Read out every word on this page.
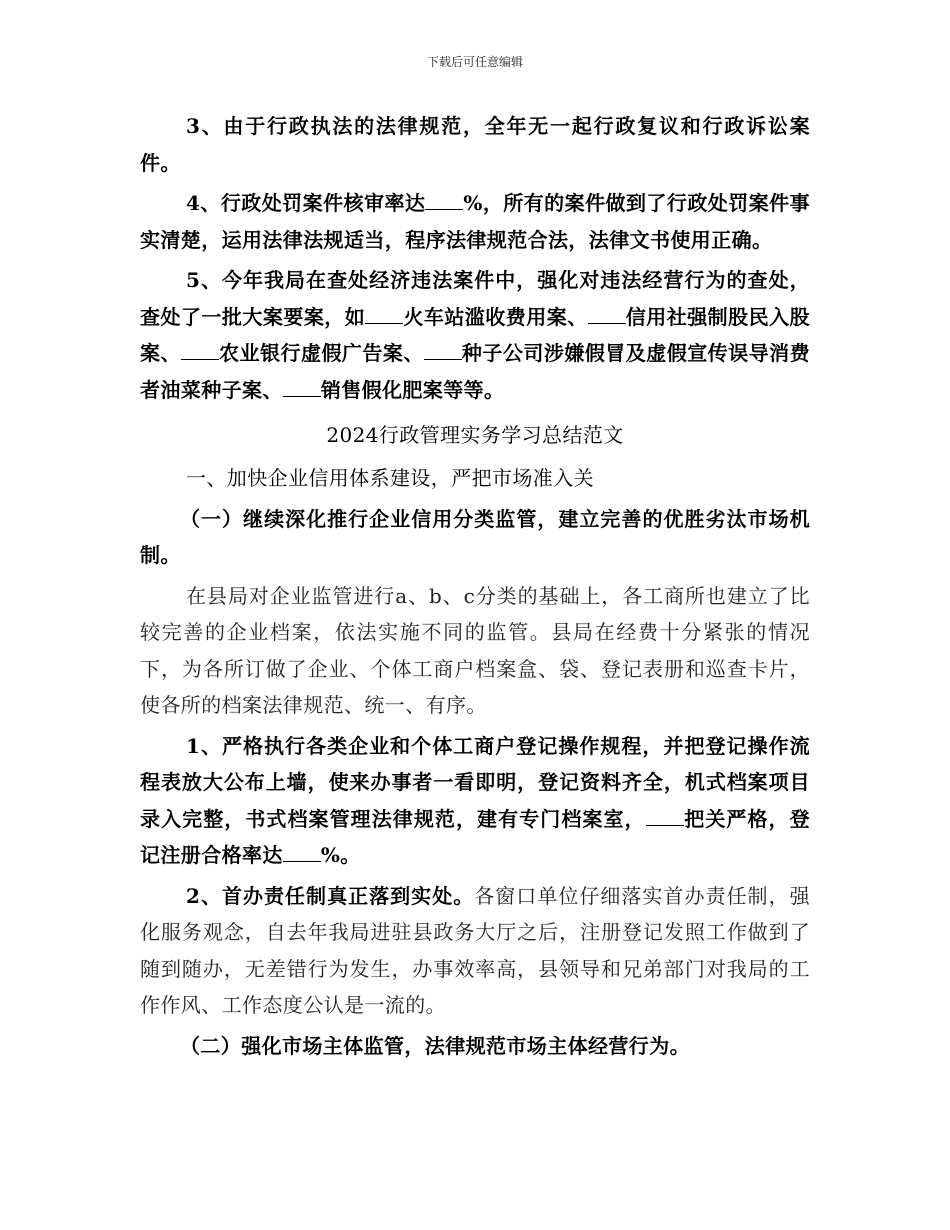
下载后可任意编辑

3、由于行政执法的法律规范，全年无一起行政复议和行政诉讼案件。

4、行政处罚案件核审率达 %，所有的案件做到了行政处罚案件事实清楚，运用法律法规适当，程序法律规范合法，法律文书使用正确。

5、今年我局在查处经济违法案件中，强化对违法经营行为的查处，查处了一批大案要案，如 火车站滥收费用案、 信用社强制股民入股案、 农业银行虚假广告案、 种子公司涉嫌假冒及虚假宣传误导消费者油菜种子案、 销售假化肥案等等。

2024行政管理实务学习总结范文

一、加快企业信用体系建设，严把市场准入关

（一）继续深化推行企业信用分类监管，建立完善的优胜劣汰市场机制。

在县局对企业监管进行a、b、c分类的基础上，各工商所也建立了比较完善的企业档案，依法实施不同的监管。县局在经费十分紧张的情况下，为各所订做了企业、个体工商户档案盒、袋、登记表册和巡查卡片，使各所的档案法律规范、统一、有序。

1、严格执行各类企业和个体工商户登记操作规程，并把登记操作流程表放大公布上墙，使来办事者一看即明，登记资料齐全，机式档案项目录入完整，书式档案管理法律规范，建有专门档案室， 把关严格，登记注册合格率达 %。

2、首办责任制真正落到实处。各窗口单位仔细落实首办责任制，强化服务观念，自去年我局进驻县政务大厅之后，注册登记发照工作做到了随到随办，无差错行为发生，办事效率高，县领导和兄弟部门对我局的工作作风、工作态度公认是一流的。

（二）强化市场主体监管，法律规范市场主体经营行为。
